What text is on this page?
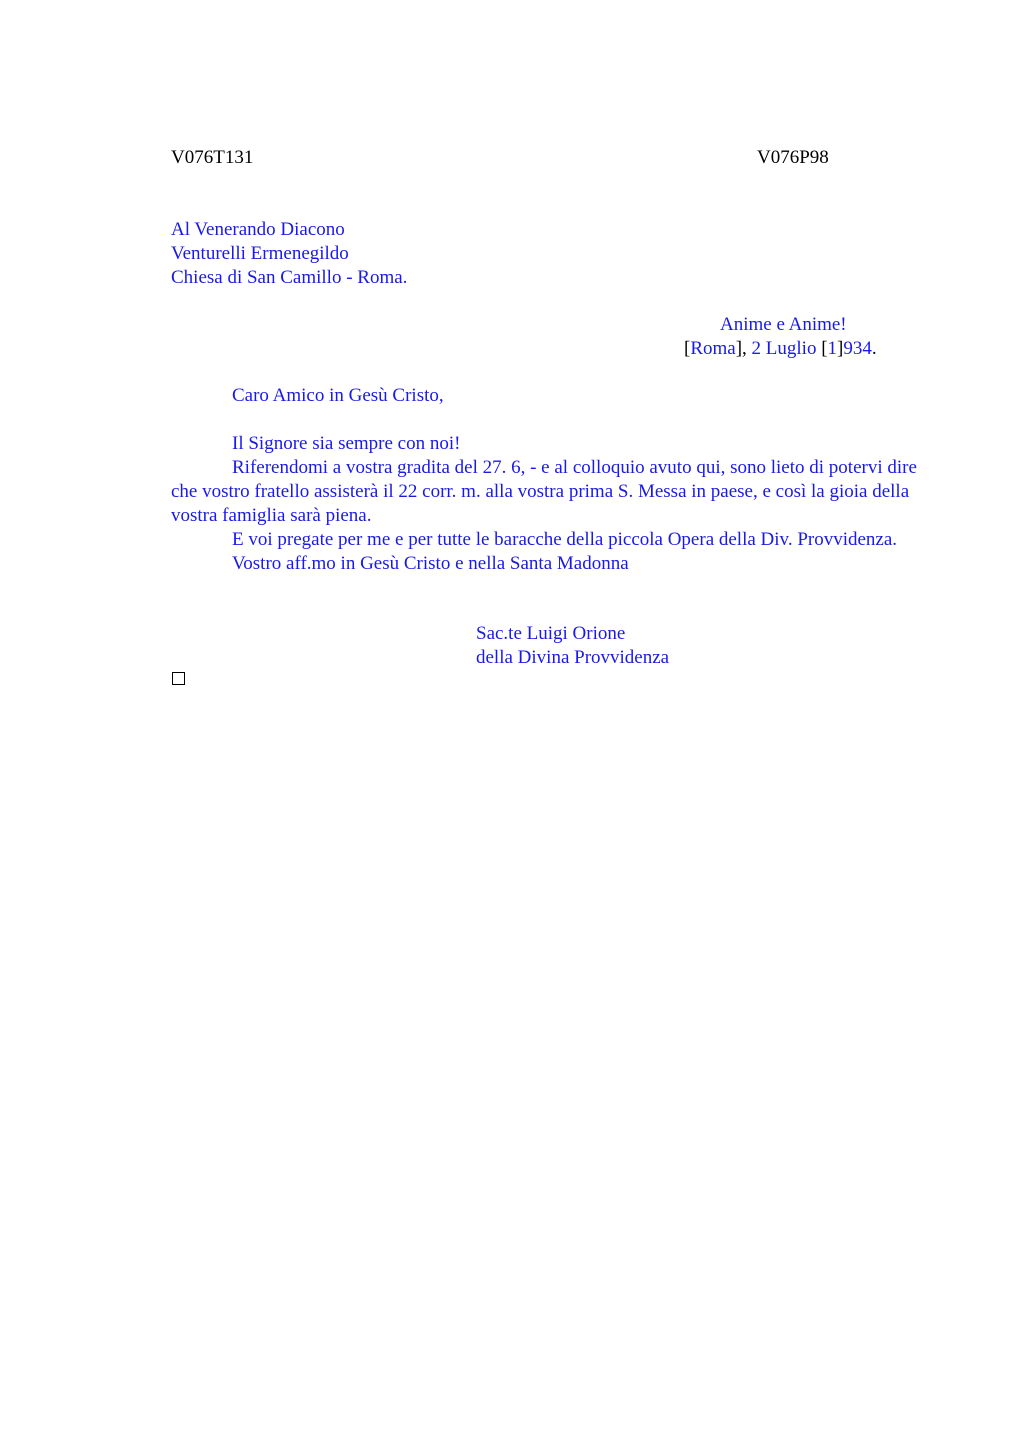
V076T131	V076P98
Al Venerando Diacono
Venturelli Ermenegildo
Chiesa di San Camillo - Roma.
Anime e Anime!
[Roma], 2 Luglio [1]934.

Caro Amico in Gesù Cristo,

Il Signore sia sempre con noi!

Riferendomi a vostra gradita del 27. 6, - e al colloquio avuto qui, sono lieto di potervi dire che vostro fratello assisterà il 22 corr. m. alla vostra prima S. Messa in paese, e così la gioia della vostra famiglia sarà piena.

E voi pregate per me e per tutte le baracche della piccola Opera della Div. Provvidenza.

Vostro aff.mo in Gesù Cristo e nella Santa Madonna

Sac.te Luigi Orione
della Divina Provvidenza
